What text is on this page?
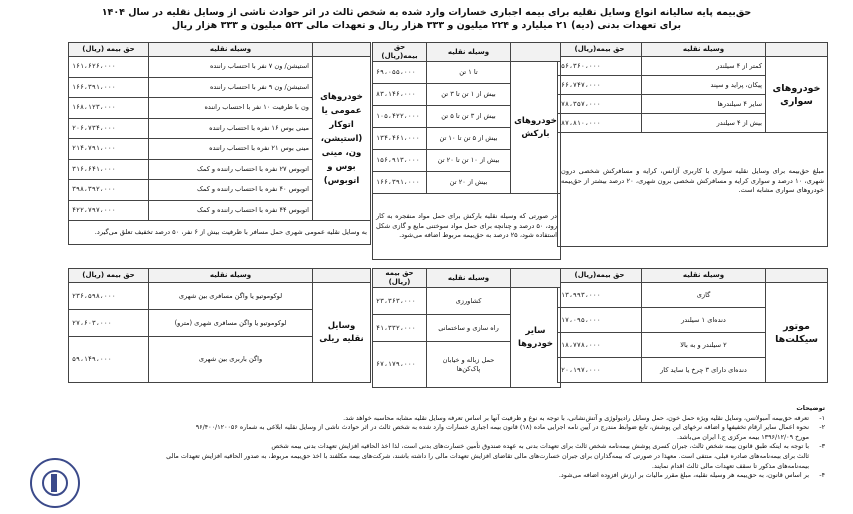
حق‌بیمه پایه سالیانه انواع وسایل نقلیه برای بیمه اجباری خسارات وارد شده به شخص ثالث در اثر حوادث ناشی از وسایل نقلیه در سال ۱۴۰۴
برای تعهدات بدنی (دیه) ۲۱ میلیارد و ۲۲۴ میلیون و ۳۳۳ هزار ریال و تعهدات مالی ۵۲۳ میلیون و ۳۳۳ هزار ریال
	وسیله نقلیه	حق بیمه(ریال)
خودروهای سواری	کمتر از ۴ سیلندر	۵۶،۳۶۰،۰۰۰
	پیکان، پراید و سپند	۶۶،۷۴۷،۰۰۰
	سایر ۴ سیلندرها	۷۸،۳۵۷،۰۰۰
	بیش از ۴ سیلندر	۸۷،۸۱۰،۰۰۰
مبلغ حق‌بیمه برای وسایل نقلیه سواری با کاربری آژانس، کرایه و مسافرکش شخصی درون شهری، ۱۰ درصد و سواری کرایه و مسافرکش شخصی برون شهری، ۲۰ درصد بیشتر از حق‌بیمه خودروهای سواری مشابه است.		
	وسیله نقلیه	حق بیمه(ریال)
خودروهای بارکش	تا ۱ تن	۶۹،۰۵۵،۰۰۰
	بیش از ۱ تن تا ۳ تن	۸۳،۱۴۶،۰۰۰
	بیش از ۳ تن تا ۵ تن	۱۰۵،۴۲۲،۰۰۰
	بیش از ۵ تن تا ۱۰ تن	۱۳۴،۴۶۱،۰۰۰
	بیش از ۱۰ تن تا ۲۰ تن	۱۵۶،۹۱۳،۰۰۰
	بیش از ۲۰ تن	۱۶۶،۳۹۱،۰۰۰
در صورتی که وسیله نقلیه بارکش برای حمل مواد منفجره به کار رود، ۵۰ درصد و چنانچه برای حمل مواد سوختنی مایع و گازی شکل استفاده شود، ۲۵ درصد به حق‌بیمه مربوط اضافه می‌شود.		
	وسیله نقلیه	حق بیمه (ریال)
خودروهای عمومی یا اتوکار (استیشن، ون، مینی بوس و اتوبوس)	استیشن/ ون ۷ نفر با احتساب راننده	۱۶۱،۶۲۶،۰۰۰
	استیشن/ ون ۹ نفر با احتساب راننده	۱۶۶،۳۹۱،۰۰۰
	ون با ظرفیت ۱۰ نفر با احتساب راننده	۱۶۸،۱۲۳،۰۰۰
	مینی بوس ۱۶ نفره با احتساب راننده	۲۰۶،۷۳۴،۰۰۰
	مینی بوس ۲۱ نفره با احتساب راننده	۲۱۴،۷۹۱،۰۰۰
	اتوبوس ۲۷ نفره با احتساب راننده و کمک	۳۱۶،۶۴۱،۰۰۰
	اتوبوس ۴۰ نفره با احتساب راننده و کمک	۳۹۸،۳۹۲،۰۰۰
	اتوبوس ۴۴ نفره با احتساب راننده و کمک	۴۲۲،۷۹۷،۰۰۰
به وسایل نقلیه عمومی شهری حمل مسافر با ظرفیت بیش از ۶ نفر، ۵۰ درصد تخفیف تعلق می‌گیرد.		
	وسیله نقلیه	حق بیمه(ریال)
موتور سیکلت‌ها	گازی	۱۳،۹۹۳،۰۰۰
	دنده‌ای ۱ سیلندر	۱۷،۰۹۵،۰۰۰
	۲ سیلندر و به بالا	۱۸،۷۷۸،۰۰۰
	دنده‌ای دارای ۳ چرخ یا ساید کار	۲۰،۱۹۷،۰۰۰
	وسیله نقلیه	حق بیمه (ریال)
سایر خودروها	کشاورزی	۲۳،۳۶۳،۰۰۰
	راه سازی و ساختمانی	۴۱،۳۳۲،۰۰۰
	حمل زباله و خیابان پاک‌کن‌ها	۶۷،۱۷۹،۰۰۰
	وسیله نقلیه	حق بیمه (ریال)
وسایل نقلیه ریلی	لوکوموتیو یا واگن مسافری بین شهری	۲۳۶،۵۹۸،۰۰۰
	لوکوموتیو یا واگن مسافری شهری (مترو)	۲۷،۶۰۳،۰۰۰
	واگن باربری بین شهری	۵۹،۱۴۹،۰۰۰
توضیحات
۱-
تعرفه حق‌بیمه آمبولانس، وسایل نقلیه ویژه حمل خون، حمل وسایل رادیولوژی و آتش‌نشانی، با توجه به نوع و ظرفیت آنها بر اساس تعرفه وسایل نقلیه مشابه محاسبه خواهد شد.
۲-
نحوه اعمال سایر ارقام تخفیفها و اضافه نرخهای این پوشش، تابع ضوابط مندرج در آیین نامه اجرایی ماده (۱۸) قانون بیمه اجباری خسارات وارد شده به شخص ثالث در اثر حوادث ناشی از وسایل نقلیه ابلاغی به شماره ۹۶/۴۰۰/۱۲۰۰۵۶
مورخ ۱۳۹۶/۱۲/۰۹ بیمه مرکزی ج.ا ایران می‌باشد.
۳-
با توجه به اینکه طبق قانون بیمه شخص ثالث، جبران کسری پوشش بیمه‌نامه شخص ثالث برای تعهدات بدنی به عهده صندوق تأمین خسارت‌های بدنی است، لذا اخذ الحاقیه افزایش تعهدات بدنی بیمه شخص
ثالث برای بیمه‌نامه‌های صادره قبلی، منتفی است. معهذا در صورتی که بیمه‌گذاران برای جبران خسارت‌های مالی تقاضای افزایش تعهدات مالی را داشته باشند، شرکت‌های بیمه مکلفند با اخذ حق‌بیمه مربوط، به صدور الحاقیه افزایش تعهدات مالی
بیمه‌نامه‌های مذکور تا سقف تعهدات مالی ثالث اقدام نمایند.
۴-
بر اساس قانون، به حق‌بیمه هر وسیله نقلیه، مبلغ مقرر مالیات بر ارزش افزوده اضافه می‌شود.
